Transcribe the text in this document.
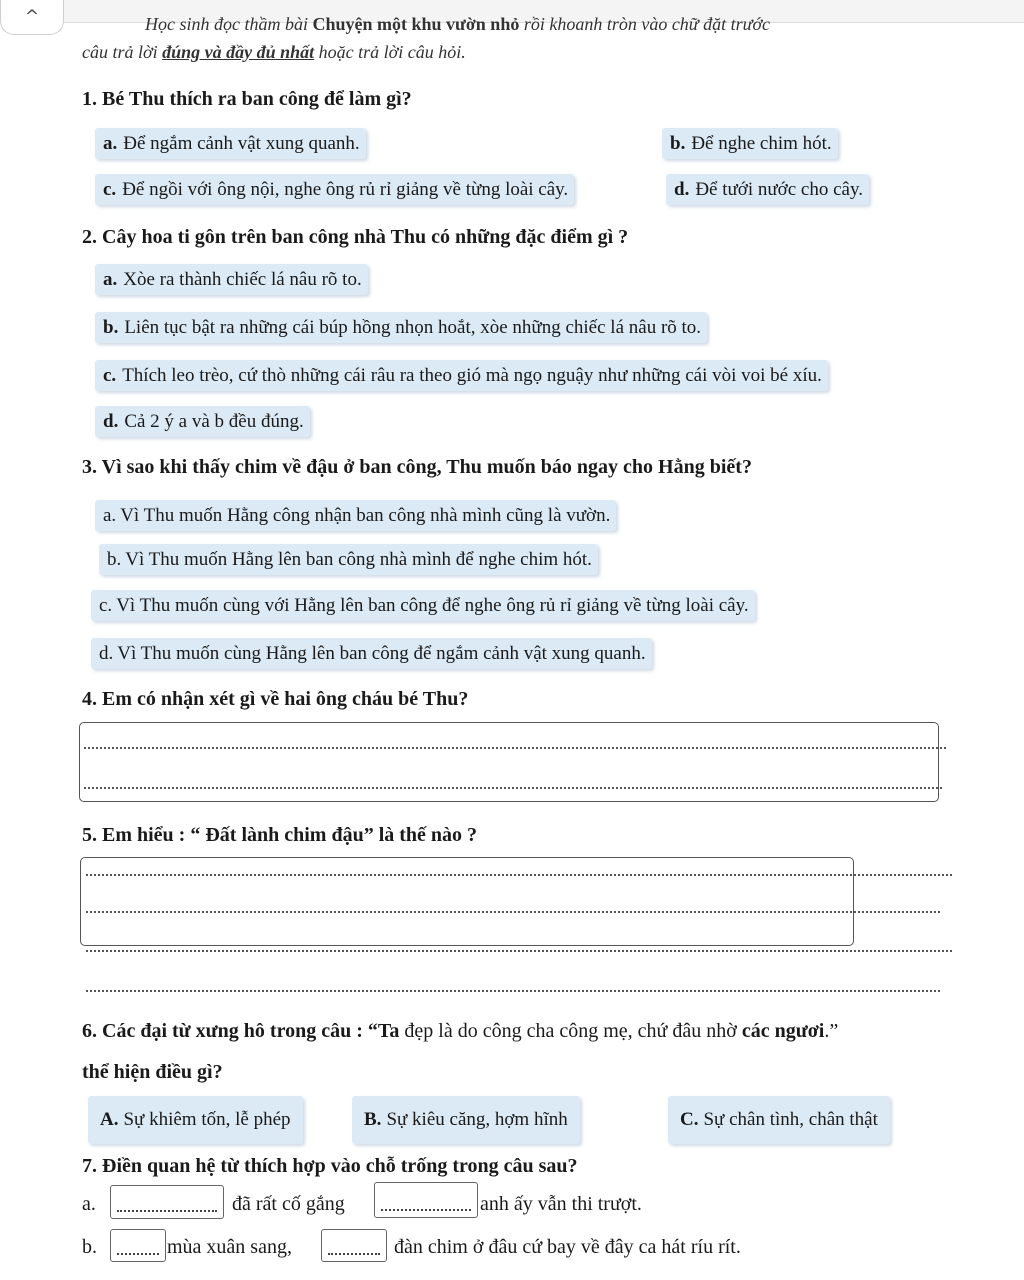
^	Học sinh đọc thầm bài Chuyện một khu vườn nhỏ rồi khoanh tròn vào chữ đặt trước
câu trả lời đúng và đầy đủ nhất hoặc trả lời câu hỏi.
1. Bé Thu thích ra ban công để làm gì?
a. Để ngắm cảnh vật xung quanh.	b. Để nghe chim hót.
c. Để ngồi với ông nội, nghe ông rủ rỉ giảng về từng loài cây.	d. Để tưới nước cho cây.
2. Cây hoa ti gôn trên ban công nhà Thu có những đặc điểm gì ?
a. Xòe ra thành chiếc lá nâu rõ to.
b. Liên tục bật ra những cái búp hồng nhọn hoắt, xòe những chiếc lá nâu rõ to.
c. Thích leo trèo, cứ thò những cái râu ra theo gió mà ngọ nguậy như những cái vòi voi bé xíu.
d. Cả 2 ý a và b đều đúng.
3. Vì sao khi thấy chim về đậu ở ban công, Thu muốn báo ngay cho Hằng biết?
a. Vì Thu muốn Hằng công nhận ban công nhà mình cũng là vườn.
b. Vì Thu muốn Hằng lên ban công nhà mình để nghe chim hót.
c. Vì Thu muốn cùng với Hằng lên ban công để nghe ông rủ rỉ giảng về từng loài cây.
d. Vì Thu muốn cùng Hằng lên ban công để ngắm cảnh vật xung quanh.
4. Em có nhận xét gì về hai ông cháu bé Thu?
5. Em hiểu : “ Đất lành chim đậu” là thế nào ?
6. Các đại từ xưng hô trong câu : “Ta đẹp là do công cha công mẹ, chứ đâu nhờ các ngươi.”
thể hiện điều gì?
A. Sự khiêm tốn, lễ phép	B. Sự kiêu căng, hợm hĩnh	C. Sự chân tình, chân thật
7. Điền quan hệ từ thích hợp vào chỗ trống trong câu sau?
a.	đã rất cố gắng	anh ấy vẫn thi trượt.
b.	mùa xuân sang,	đàn chim ở đâu cứ bay về đây ca hát ríu rít.
